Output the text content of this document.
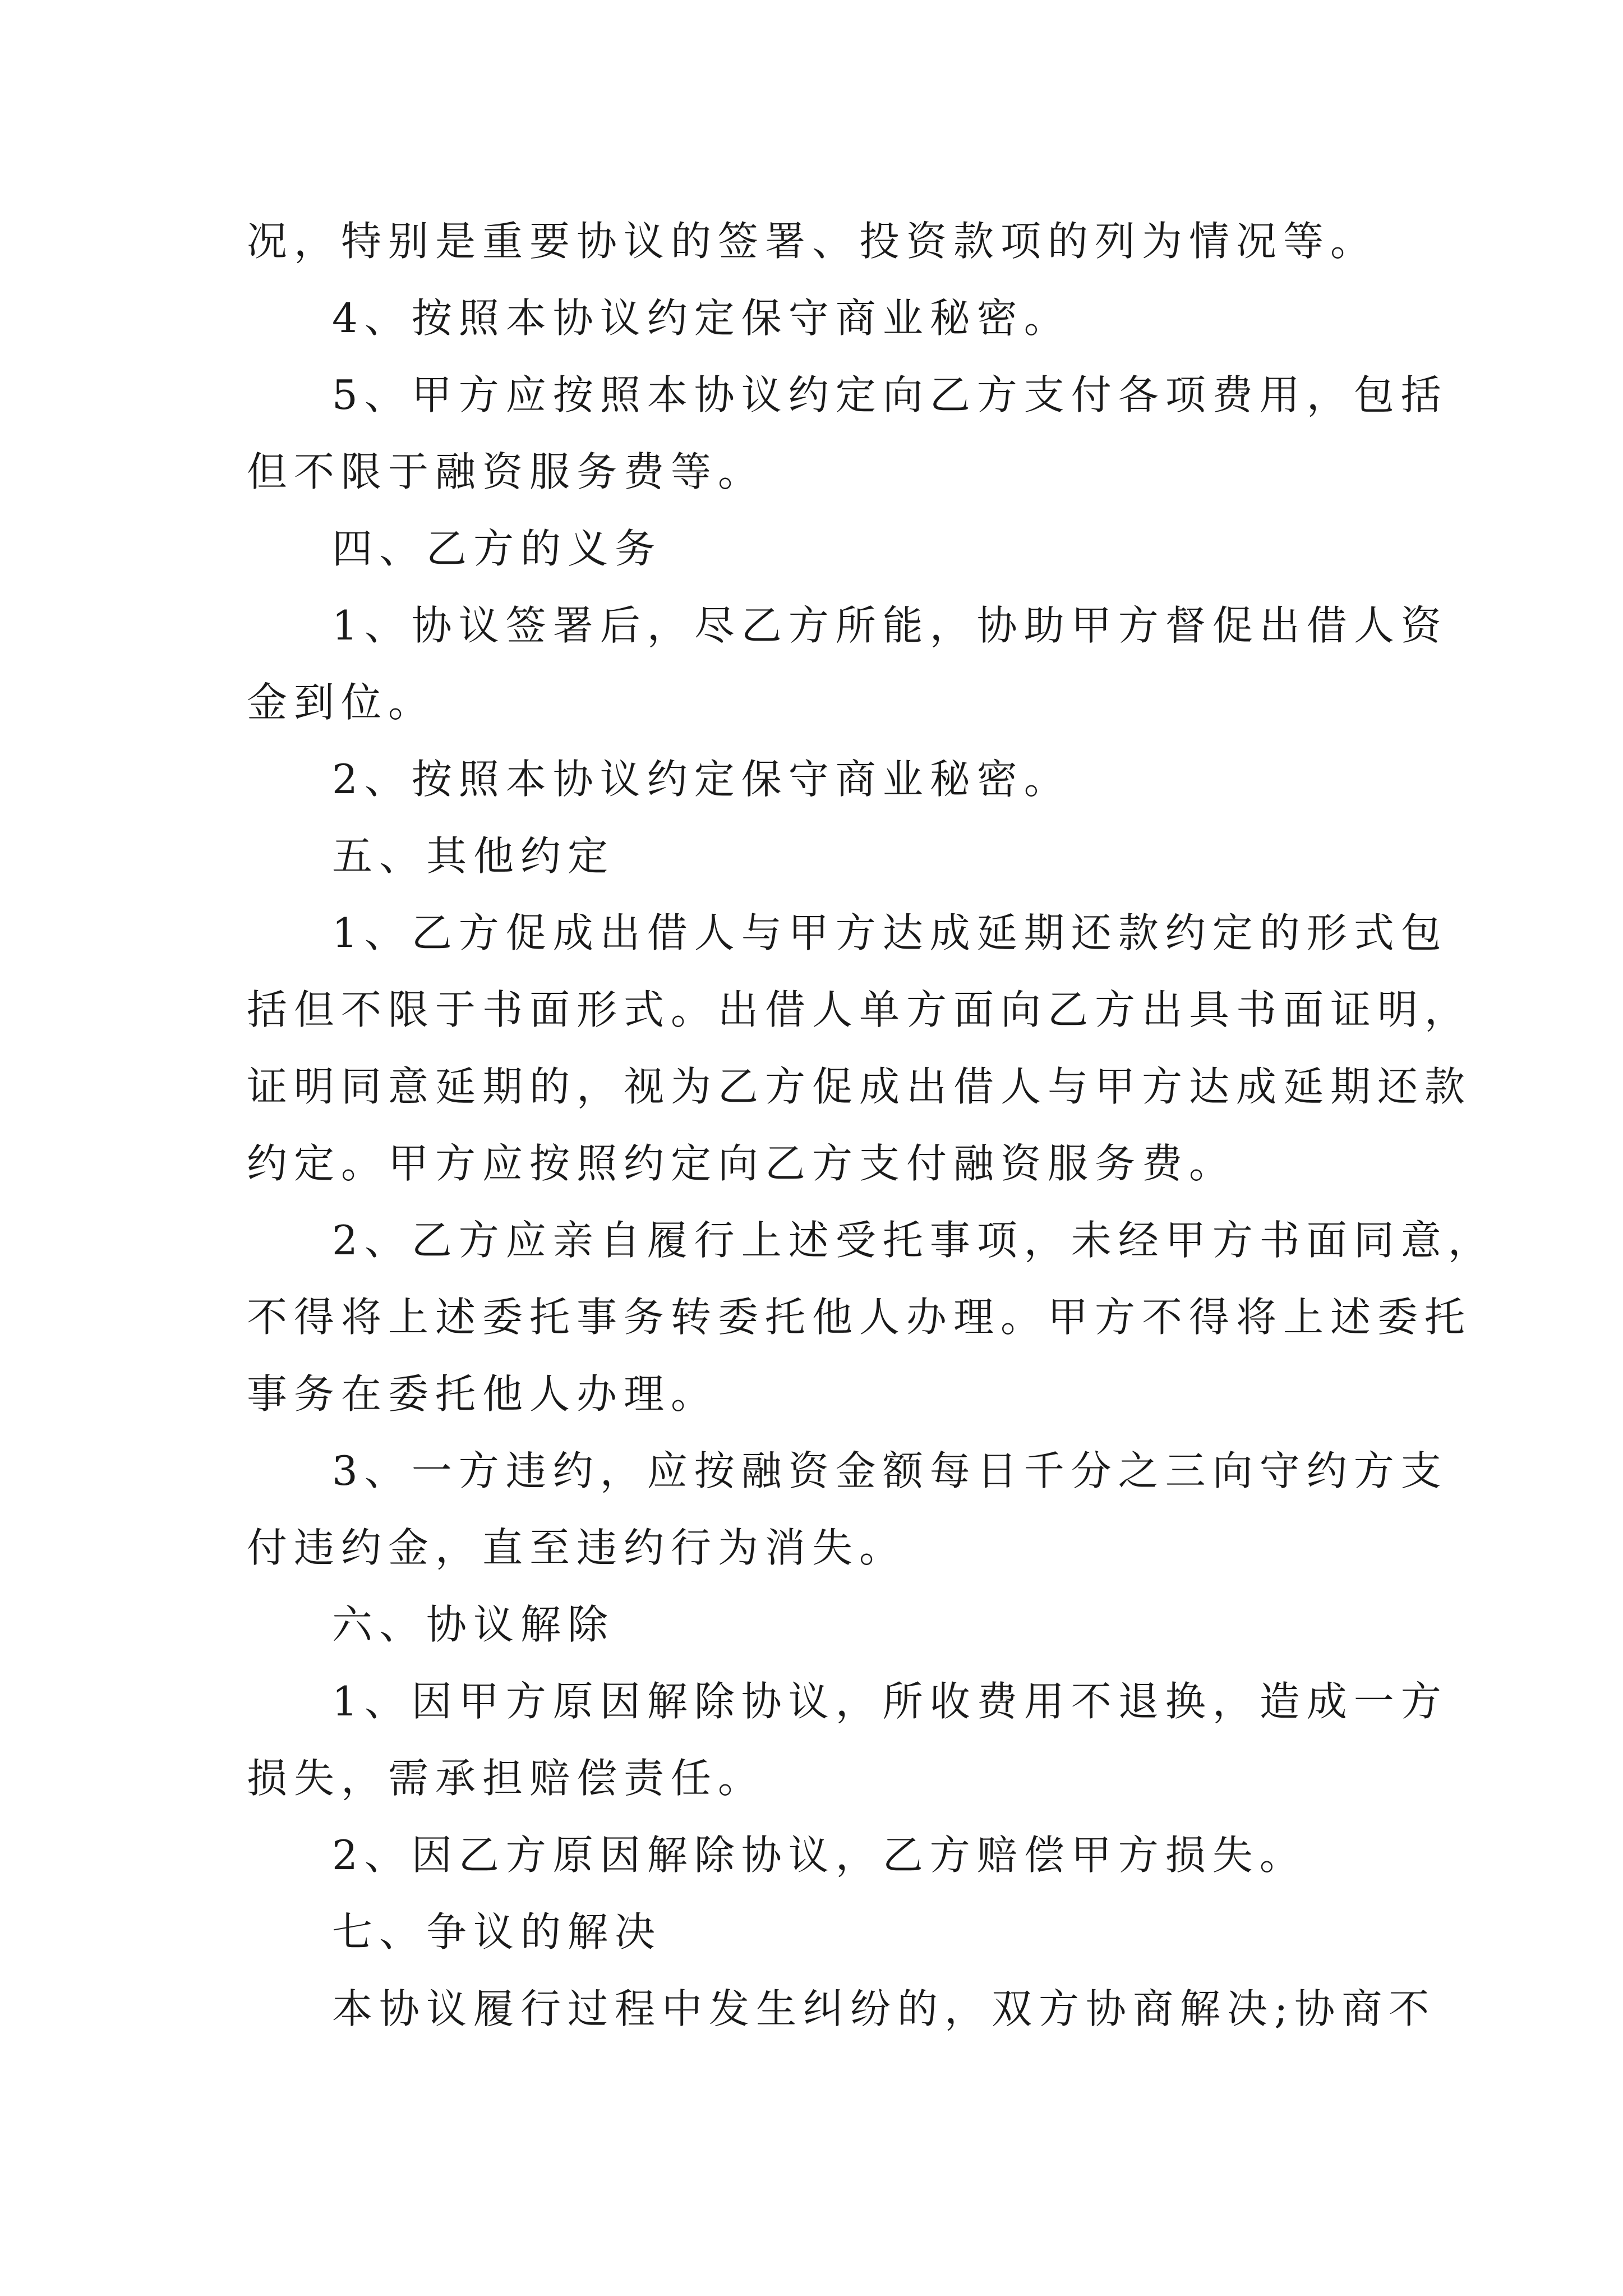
况，特别是重要协议的签署、投资款项的列为情况等。
4、按照本协议约定保守商业秘密。
5、甲方应按照本协议约定向乙方支付各项费用，包括
但不限于融资服务费等。
四、乙方的义务
1、协议签署后，尽乙方所能，协助甲方督促出借人资
金到位。
2、按照本协议约定保守商业秘密。
五、其他约定
1、乙方促成出借人与甲方达成延期还款约定的形式包
括但不限于书面形式。出借人单方面向乙方出具书面证明，
证明同意延期的，视为乙方促成出借人与甲方达成延期还款
约定。甲方应按照约定向乙方支付融资服务费。
2、乙方应亲自履行上述受托事项，未经甲方书面同意，
不得将上述委托事务转委托他人办理。甲方不得将上述委托
事务在委托他人办理。
3、一方违约，应按融资金额每日千分之三向守约方支
付违约金，直至违约行为消失。
六、协议解除
1、因甲方原因解除协议，所收费用不退换，造成一方
损失，需承担赔偿责任。
2、因乙方原因解除协议，乙方赔偿甲方损失。
七、争议的解决
本协议履行过程中发生纠纷的，双方协商解决;协商不
